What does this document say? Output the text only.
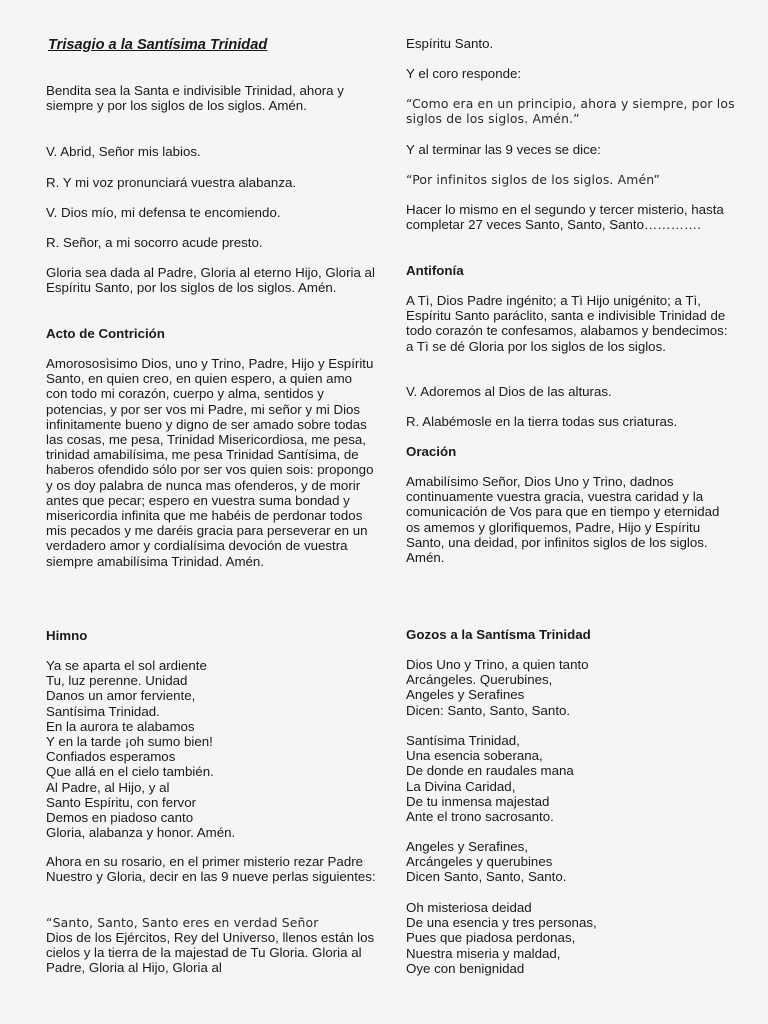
Trisagio a la Santísima Trinidad

Bendita sea la Santa e indivisible Trinidad, ahora y siempre y por los siglos de los siglos. Amén.

V. Abrid, Señor mis labios.

R. Y mi voz pronunciará vuestra alabanza.

V. Dios mío, mi defensa te encomiendo.

R. Señor, a mi socorro acude presto.

Gloria sea dada al Padre, Gloria al eterno Hijo, Gloria al Espíritu Santo, por los siglos de los siglos. Amén.

Acto de Contrición

Amorososìsimo Dios, uno y Trino, Padre, Hijo y Espíritu Santo, en quien creo, en quien espero, a quien amo con todo mi corazón, cuerpo y alma, sentidos y potencias, y por ser vos mi Padre, mi señor y mi Dios infinitamente bueno y digno de ser amado sobre todas las cosas, me pesa, Trinidad Misericordiosa, me pesa, trinidad amabilísima, me pesa Trinidad Santísima, de haberos ofendido sólo por ser vos quien sois: propongo y os doy palabra de nunca mas ofenderos, y de morir antes que pecar; espero en vuestra suma bondad y misericordia infinita que me habéis de perdonar todos mis pecados y me daréis gracia para perseverar en un verdadero amor y cordialísima devoción de vuestra siempre amabilísima Trinidad. Amén.

Himno

Ya se aparta el sol ardiente
Tu, luz perenne. Unidad
Danos un amor ferviente,
Santísima Trinidad.
En la aurora te alabamos
Y en la tarde ¡oh sumo bien!
Confiados esperamos
Que allá en el cielo también.
Al Padre, al Hijo, y al
Santo Espíritu, con fervor
Demos en piadoso canto
Gloria, alabanza y honor. Amén.

Ahora en su rosario, en el primer misterio rezar Padre Nuestro y Gloria, decir en las 9 nueve perlas siguientes:

“Santo, Santo, Santo eres en verdad Señor

Dios de los Ejércitos, Rey del Universo, llenos están los cielos y la tierra de la majestad de Tu Gloria. Gloria al Padre, Gloria al Hijo, Gloria al

Espíritu Santo.

Y el coro responde:

“Como era en un principio, ahora y siempre, por los siglos de los siglos. Amén.”

Y al terminar las 9 veces se dice:

“Por infinitos siglos de los siglos. Amén”

Hacer lo mismo en el segundo y tercer misterio, hasta completar 27 veces Santo, Santo, Santo………….

Antifonía

A Tì, Dios Padre ingénito; a Tì Hijo unigénito; a Tì, Espíritu Santo paráclito, santa e indivisible Trinidad de todo corazón te confesamos, alabamos y bendecimos: a Tì se dé Gloria por los siglos de los siglos.

V. Adoremos al Dios de las alturas.

R. Alabémosle en la tierra todas sus criaturas.

Oración

Amabilísimo Señor, Dios Uno y Trino, dadnos continuamente vuestra gracia, vuestra caridad y la comunicación de Vos para que en tiempo y eternidad os amemos y glorifiquemos, Padre, Hijo y Espíritu Santo, una deidad, por infinitos siglos de los siglos. Amén.

Gozos a la Santísma Trinidad

Dios Uno y Trino, a quien tanto
Arcángeles. Querubines,
Angeles y Serafines
Dicen: Santo, Santo, Santo.
Santísima Trinidad,
Una esencia soberana,
De donde en raudales mana
La Divina Caridad,
De tu inmensa majestad
Ante el trono sacrosanto.
Angeles y Serafines,
Arcángeles y querubines
Dicen Santo, Santo, Santo.
Oh misteriosa deidad
De una esencia y tres personas,
Pues que piadosa perdonas,
Nuestra miseria y maldad,
Oye con benignidad
